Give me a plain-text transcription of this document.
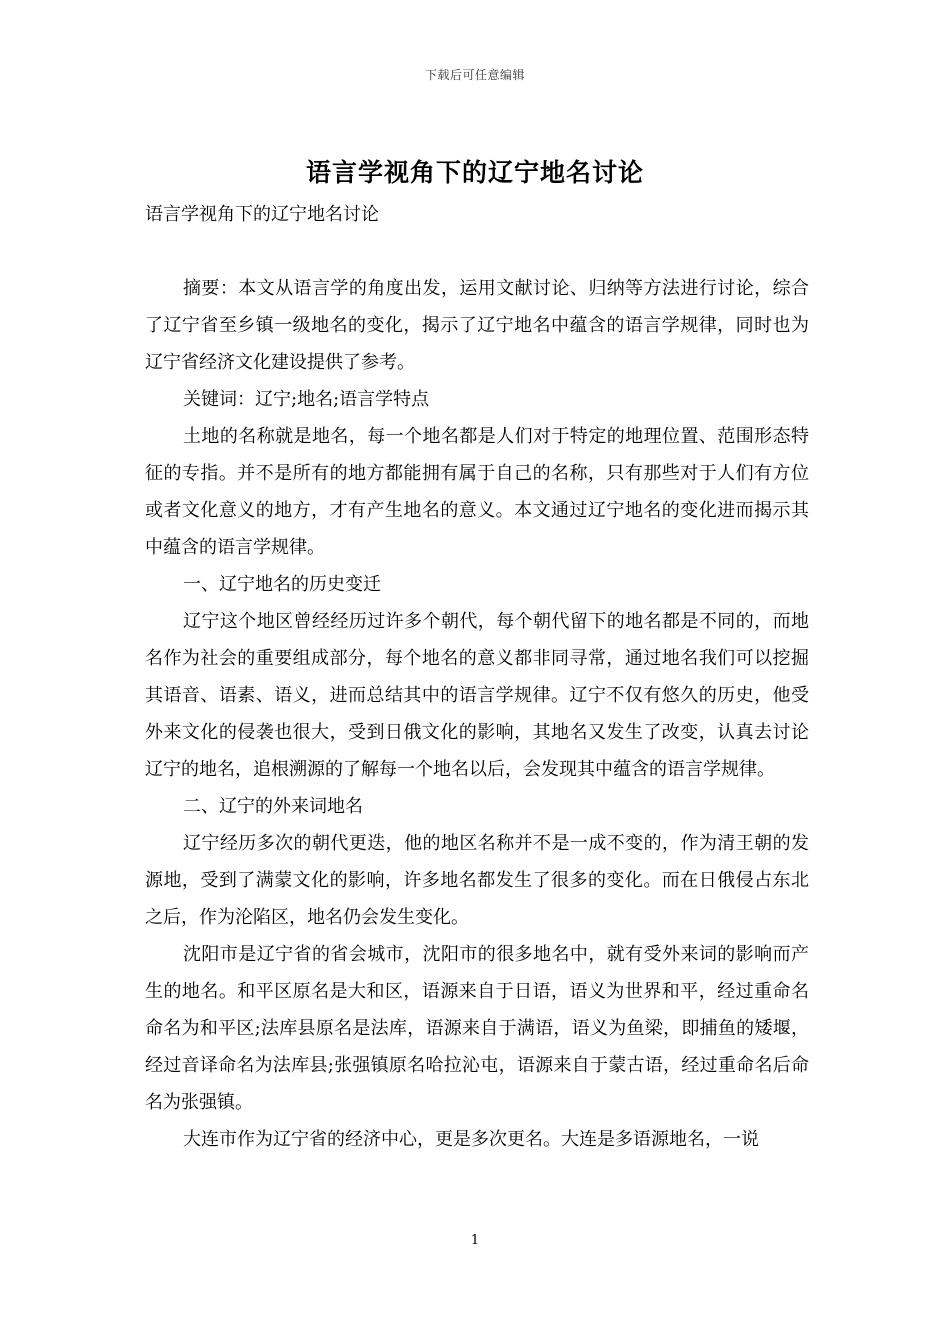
下载后可任意编辑
语言学视角下的辽宁地名讨论

语言学视角下的辽宁地名讨论

摘要：本文从语言学的角度出发，运用文献讨论、归纳等方法进行讨论，综合了辽宁省至乡镇一级地名的变化，揭示了辽宁地名中蕴含的语言学规律，同时也为辽宁省经济文化建设提供了参考。

关键词：辽宁;地名;语言学特点

土地的名称就是地名，每一个地名都是人们对于特定的地理位置、范围形态特征的专指。并不是所有的地方都能拥有属于自己的名称，只有那些对于人们有方位或者文化意义的地方，才有产生地名的意义。本文通过辽宁地名的变化进而揭示其中蕴含的语言学规律。

一、辽宁地名的历史变迁

辽宁这个地区曾经经历过许多个朝代，每个朝代留下的地名都是不同的，而地名作为社会的重要组成部分，每个地名的意义都非同寻常，通过地名我们可以挖掘其语音、语素、语义，进而总结其中的语言学规律。辽宁不仅有悠久的历史，他受外来文化的侵袭也很大，受到日俄文化的影响，其地名又发生了改变，认真去讨论辽宁的地名，追根溯源的了解每一个地名以后，会发现其中蕴含的语言学规律。

二、辽宁的外来词地名

辽宁经历多次的朝代更迭，他的地区名称并不是一成不变的，作为清王朝的发源地，受到了满蒙文化的影响，许多地名都发生了很多的变化。而在日俄侵占东北之后，作为沦陷区，地名仍会发生变化。

沈阳市是辽宁省的省会城市，沈阳市的很多地名中，就有受外来词的影响而产生的地名。和平区原名是大和区，语源来自于日语，语义为世界和平，经过重命名命名为和平区;法库县原名是法库，语源来自于满语，语义为鱼梁，即捕鱼的矮堰，经过音译命名为法库县;张强镇原名哈拉沁屯，语源来自于蒙古语，经过重命名后命名为张强镇。

大连市作为辽宁省的经济中心，更是多次更名。大连是多语源地名，一说

1
